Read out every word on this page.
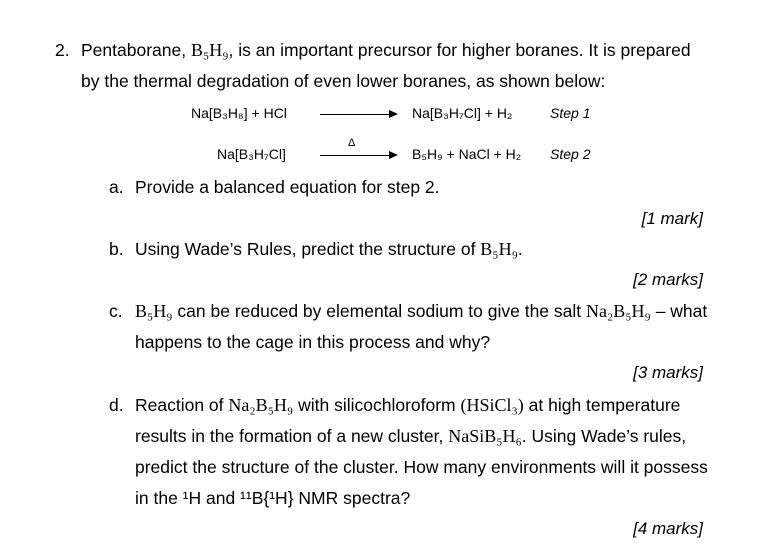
2. Pentaborane, B₅H₉, is an important precursor for higher boranes. It is prepared
by the thermal degradation of even lower boranes, as shown below:
Na[B₃H₈] + HCl	Na[B₃H₇Cl] + H₂	Step 1
Na[B₃H₇Cl]
Δ
B₅H₉ + NaCl + H₂ Step 2
a. Provide a balanced equation for step 2.
[1 mark]
b. Using Wade’s Rules, predict the structure of B₅H₉.
[2 marks]
c. B₅H₉ can be reduced by elemental sodium to give the salt Na₂B₅H₉ – what
happens to the cage in this process and why?
[3 marks]
d. Reaction of Na₂B₅H₉ with silicochloroform (HSiCl₃) at high temperature
results in the formation of a new cluster, NaSiB₅H₆. Using Wade’s rules,
predict the structure of the cluster. How many environments will it possess
in the ¹H and ¹¹B{¹H} NMR spectra?
[4 marks]
